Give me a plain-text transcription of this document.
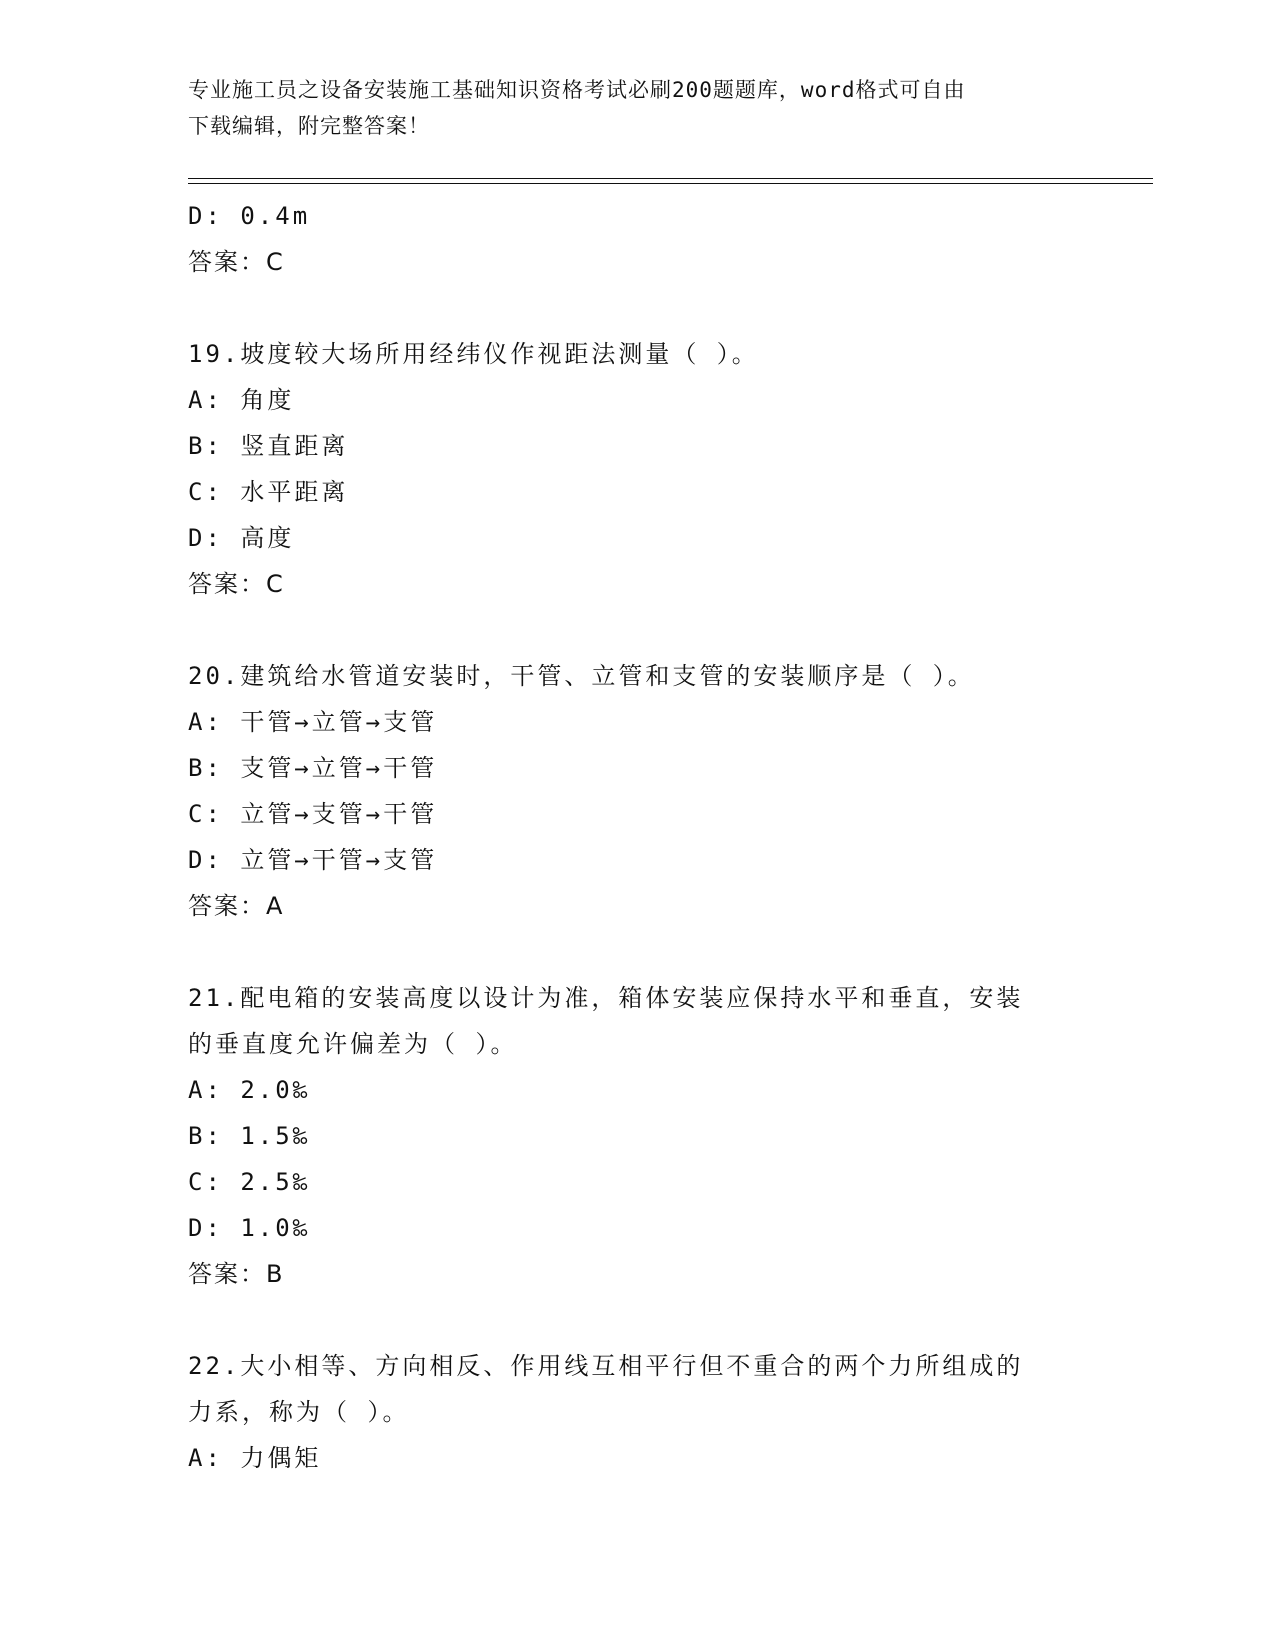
专业施工员之设备安装施工基础知识资格考试必刷200题题库，word格式可自由
下载编辑，附完整答案！
D: 0.4m
答案：C
19.坡度较大场所用经纬仪作视距法测量（ ）。
A: 角度
B: 竖直距离
C: 水平距离
D: 高度
答案：C
20.建筑给水管道安装时，干管、立管和支管的安装顺序是（ ）。
A: 干管→立管→支管
B: 支管→立管→干管
C: 立管→支管→干管
D: 立管→干管→支管
答案：A
21.配电箱的安装高度以设计为准，箱体安装应保持水平和垂直，安装
的垂直度允许偏差为（ ）。
A: 2.0‰
B: 1.5‰
C: 2.5‰
D: 1.0‰
答案：B
22.大小相等、方向相反、作用线互相平行但不重合的两个力所组成的
力系，称为（ ）。
A: 力偶矩
